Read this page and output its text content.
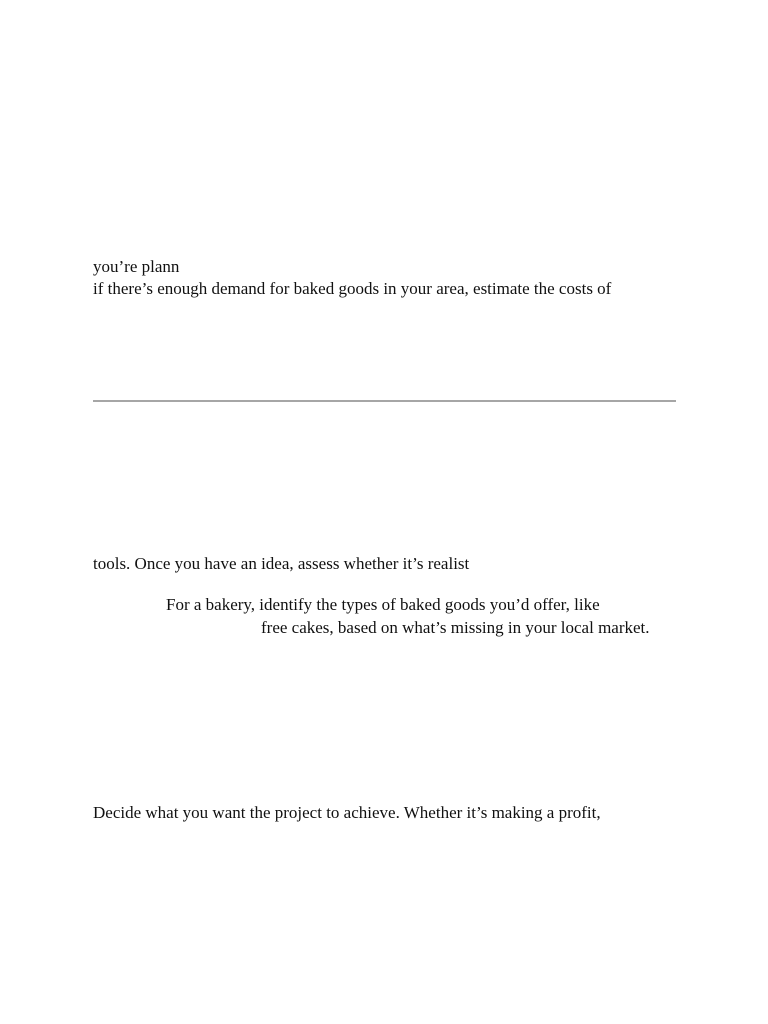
you’re plann
if there’s enough demand for baked goods in your area, estimate the costs of
tools. Once you have an idea, assess whether it’s realist
For a bakery, identify the types of baked goods you’d offer, like
free cakes, based on what’s missing in your local market.
Decide what you want the project to achieve. Whether it’s making a profit,
